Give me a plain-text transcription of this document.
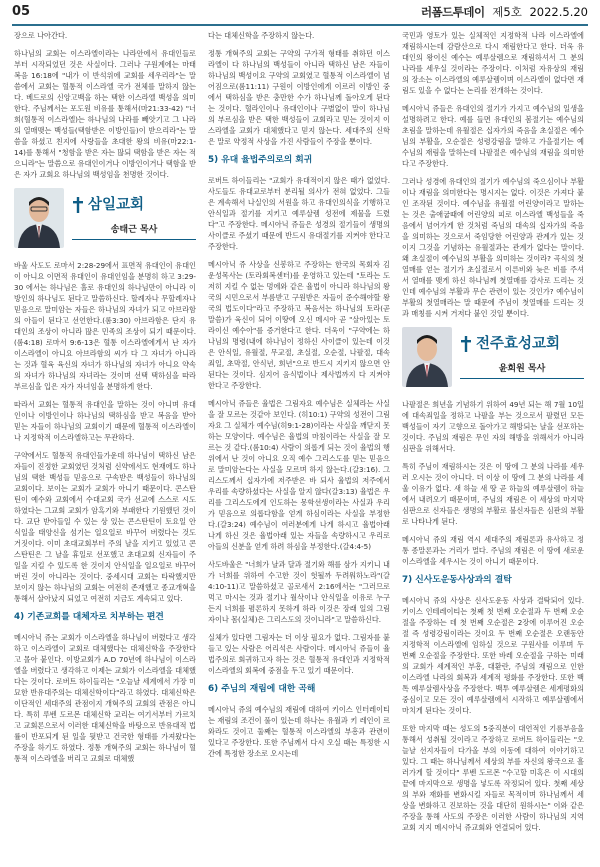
05	러폼드투데이 제5호 2022.5.20

장으로 나아간다.

하나님의 교회는 이스라엘이라는 나라안에서 유대인들로부터 시작되었던 것은 사실이다. 그러나 구원계에는 마태복음 16:18에 "내가 이 반석위에 교회를 세우리라"는 말씀에서 교회는 혈통적 이스라엘 국가 전체를 말하지 않는다. 베드로의 신앙고백을 하는 택한 이스라엘 백성을 의미한다. 주님께서는 포도원 비유를 통해서(마21:33-42) "너희(혈통적 이스라엘)는 하나님의 나라를 빼앗기고 그 나라의 열매맺는 백성들(택함받은 이방인들)이 받으리라"는 말씀을 하셨고 친지에 사랑들을 초대한 왕의 비유(마22:1-14)를 통해서 "청함을 받은 자는 많되 택함을 받은 자는 적으니라"는 말씀으로 유대인이거나 이방인이거나 택함을 받은 자가 교회요 하나님의 백성임을 천명한 것이다.

삼일교회
송태근 목사

바울 사도도 로마서 2:28-29에서 표면적 유대인이 유대인이 아니요 이면적 유대인이 유대인임을 분명히 하고 3:29-30 에서는 하나님은 홀로 유대인의 하나님만이 아니라 이방인의 하나님도 된다고 말씀하신다. 할례자나 무할례자나 믿음으로 말미암는 자들은 하나님의 자녀가 되고 아브라함의 아들이 된다고 선언한다.(롬3:30) 아브라함은 단지 유대인의 조상이 아니라 많은 민족의 조상이 되기 때문이다.(롬4:18) 로마서 9:6-13은 혈통 이스라엘에게서 난 자가 이스라엘이 아니요 아브라함의 씨가 다 그 자녀가 아니라는 것과 혈육 육신의 자녀가 하나님의 자녀가 아니요 약속의 자녀가 하나님의 자녀라는 것이며 선택 택하심을 따라 부르심을 입은 자가 자녀임을 분명하게 한다.

따라서 교회는 혈통적 유대인을 말하는 것이 아니며 유대인이나 이방인이나 하나님의 택하심을 받고 복음을 받아 믿는 자들이 하나님의 교회이기 때문에 혈통적 이스라엘이나 지정학적 이스라엘하고는 무관하다.

구약에서도 혈통적 유대인들가운데 하나님이 택하신 남은 자들이 진정한 교회였던 것처럼 신약에서도 현재에도 하나님의 택한 백성들 믿음으로 구속받은 백성들이 하나님의 교회이다. 보이는 교회가 교회가 아니기 때문이다. 콘스탄틴이 예수와 교회에서 수대교회 국가 선교에 스스로 시도하였다는 그교회 교회가 암흑기와 부패한다 기원했던 것이다. 교단 받아들일 수 있는 상 있는 콘스탄틴이 토요일 안식일을 태양신을 섬기는 일요일로 바꾸어 버렸다는 것도 거짓이다. 이미 초대교회부터 주의 날을 지키고 있었고 콘스탄틴은 그 날을 휴일로 선포했고 초대교회 신자들이 주일을 지킬 수 있도록 한 것이지 안식일을 일요일로 바꾸어 버린 것이 아니라는 것이다. 중세시대 교회는 타락했지만 보이지 않는 하나님의 교회는 여전히 존재했고 종교개혁을 통해서 살아났지 되었고 여전히 지금도 계속되고 있다.

4) 기존교회를 대체자로 치부하는 편견

메시아닉 쥬는 교회가 이스라엘을 하나님이 버렸다고 생각하고 이스라엘이 교회로 대체했다는 대체신학을 주장한다고 몰아 붙인다. 이방교회가 A.D 70년에 하나님이 이스라엘을 버렸다고 생각하고 이제는 교회가 이스라엘을 대체했다는 것이다. 로버트 하이들리는 "오늘날 세계에서 가장 미묘한 반유대주의는 대체신학이다"라고 하였다. 대체신학은 이단적인 세대주의 관점이지 개혁주의 교회의 관점은 아니다. 특히 루벤 도르몬 대체신학 교리는 여기서부터 가르치고 교회론으로서 이러한 대체신학을 바탕으로 반유대적 법률이 반포되게 된 일을 뒷받고 건국한 형태를 가져왔다는 주장을 하기도 하였다. 정통 개혁주의 교회는 하나님이 혈통적 이스라엘을 버리고 교회로 대체했

다는 대체신학을 주장하지 않는다.

정통 개혁주의 교회는 구약의 구가적 형태를 취하던 이스라엘이 다 하나님의 백성들이 아니라 택하신 남은 자들이 하나님의 백성이요 구약의 교회였고 혈통적 이스라엘이 넘어짐으로(롬11:11) 구원이 이방인에게 이르러 이방인 중에서 택하심을 받은 충만한 수가 하나님께 돌아오게 된다는 것이다. 혈라인이나 유대인이나 구별없이 말이 하나님의 부르심을 받은 택한 백성들이 교회라고 믿는 것이지 이스라엘을 교회가 대체했다고 믿지 않는다. 세대주의 신학은 말로 약정적 사상을 가진 사람들이 주장을 뿐이다.

5) 유대 율법주의로의 회귀

로버트 하이들리는 "교회가 유대적이지 않은 때가 없었다. 사도들도 유대교로부터 분리될 의사가 전혀 없었다. 그들은 계속해서 나실인의 서원을 하고 유대인의식을 기행하고 안식일과 절기를 지키고 예루살렘 성전에 제물을 드렸다"고 주장한다. 메시아닉 쥬들은 성경의 절기들이 생명의 사이클로 주셨기 때문에 반드시 유대절기를 지켜야 한다고 주장한다.

메시아닉 쥬 사상을 신봉하고 주장하는 한국의 목회자 김운성목사는 (토라회복센터)를 운영하고 있는데 "토라는 도저히 지킬 수 없는 멍에와 같은 율법이 아니라 하나님의 왕국의 시민으로서 부름받고 구원받은 자들이 준수해야할 왕국의 법도이다"라고 주장하고 복음서는 하나님의 토라(곧 말씀)가 육신이 되어 이땅에 오신 메시아 곧 "살아있는 토라이신 예수아"를 증거한다고 한다. 더욱이 "구약에는 하나님의 명령(내에 하나님이 정하신 사이클이 있는데 이것은 안식일, 유월절, 무교절, 초실절, 오순절, 나팔절, 대속죄일, 초막절, 안식년, 희년"으로 반드시 지키지 않으면 안된다는 것이다. 심지어 음식법이나 제사법까지 다 지켜야 한다고 주장한다.

메시아닉 쥬들은 율법은 그림자요 예수님은 실체라는 사실을 잘 모르는 것같아 보인다. (히10:1) 구약의 성전이 그림자요 그 실체가 예수님(히9:1-28)이라는 사실을 깨닫지 못하는 모양이다. 예수님은 율법의 마침이라는 사실을 잘 모르는 것 같다.(롬10:4) 사람이 의롭게 되는 것이 율법의 행위에서 난 것이 아니요 오직 예수 그리스도를 믿는 믿음으로 말미암는다는 사실을 모르며 하지 않는다.(갈3:16). 그리스도께서 십자가에 저주받은 바 되사 율법의 저주에서 우리를 속량하셨다는 사실을 알지 않다(갈3:13) 율법은 우리를 그리스도에게 인도하는 몽학선생이라는 사실과 우리가 믿음으로 의롭다함을 얻게 하심이라는 사실을 부정한다.(갈3:24) 예수님이 여러분에게 나게 하시고 율법아래 나게 하신 것은 율법아래 있는 자들을 속량하시고 우리로 아들의 신분을 얻게 하려 하심을 부정한다.(갈4:4-5)

사도바울은 "너희가 날과 달과 절기와 해를 삼가 지키니 내가 너희를 위하여 수고한 것이 헛될까 두려워하노라"(갈4:10-11)고 말씀하셨고 골로새서 2:16에서는 "그러므로 먹고 마시는 것과 절기나 월삭이나 안식일을 이유로 누구든지 너희를 폄론하지 못하게 하라 이것은 장래 일의 그림자이나 몸(실체)은 그리스도의 것이니라"고 말씀하신다.

실체가 있다면 그림자는 더 이상 필요가 없다. 그림자를 붙들고 있는 사람은 어리석은 사람이다. 메시아닉 쥬들이 율법주의로 회귀하고자 하는 것은 혈통적 유대인과 지정학적 이스라엘의 회복에 중점을 두고 있기 때문이다.

6) 주님의 재림에 대한 곡해

메시아닉 쥬의 예수님의 재림에 대하여 키이스 인터레이티는 재림의 조건이 풀이 있는데 하나는 유월과 키 레인이 르와라도 것이고 둘째는 혈통적 이스라엘의 부흥과 관련이 있다고 주장한다. 또한 주님께서 다시 오실 때는 특정한 시간에 특정한 장소로 오시는데

국민과 영토가 있는 실체적인 지정학적 나라 이스라엘에 재림하시는데 감람산으로 다시 재림한다고 한다. 더욱 유대인의 왕이신 예수는 예루살렘으로 재림하셔서 그 분의 나라를 세우실 것이라는 주장이다. 이처럼 자유상의 재림의 장소는 이스라엘의 예루살렘이며 이스라엘이 없다면 재림도 있을 수 없다는 논리를 전개하는 것이다.

메시아닉 쥬들은 유대인의 절기가 가지고 예수님의 일생을 설명하려고 한다. 예를 들면 유대인의 봄절기는 예수님의 초림을 말하는데 유월절은 십자가의 죽음을 초실절은 예수님의 부활을, 오순절은 성령강림을 말하고 가을절기는 예수님의 재림을 말하는데 나팔절은 예수님의 재림을 의미한다고 주장한다.

그러나 성경에 유대인의 절기가 예수님의 죽으심이나 부활이나 재림을 의미한다는 명시지는 없다. 이것은 가져다 붙인 조작된 것이다. 예수님을 유월절 어린양이라고 말하는는 것은 출애굽때에 어린양의 피로 이스라엘 백성들을 죽음에서 넘어가게 한 것처럼 죽님의 대속의 십자가의 죽음을 의미하는 것으로서 죽임당한 어린양과 관계가 있는 것이지 그것을 기념하는 유월절과는 관계가 없다는 말이다. 왜 초실절이 예수님의 부활을 의미하는 것이라? 곡식의 첫 열매를 얻는 절기가 초실절로서 이른비와 늦은 비를 주셔서 열매를 맺게 하신 하나님께 첫열매를 감사로 드리는 것인데 예수님의 부활과 무슨 관련이 있는 것인가? 예수님이 부활의 첫열매라는 말 때문에 주님이 첫열매를 드리는 것과 매칭를 시켜 거저다 붙인 것일 뿐이다.

전주효성교회
윤희원 목사

나팔절은 희년을 기념하기 위하여 49년 되는 해 7월 10일에 대속죄일을 정하고 나팔을 부는 것으로서 팔렸던 모든 백성들이 자기 고향으로 돌아가고 해방되는 날을 선포하는 것이다. 주님의 재림은 무인 자의 해방을 위해서가 아니라 심판을 위해서다.

특히 주님이 재림하시는 것은 이 땅에 그 분의 나라를 세우러 오시는 것이 아니다. 더 이상 이 땅에 그 분의 나라를 세울 이유가 없다. 새 하늘 새 땅 곧 하늘의 예루살렘이 하늘에서 내려오기 때문이며, 주님의 재림은 이 세상의 마지막 심판으로 신자들은 생명의 부활로 불신자들은 심판의 부활로 나타나게 된다.

메시아닉 쥬의 재림 역시 세대주의 재림론과 유사하고 정통 종말론과는 거리가 멀다. 주님의 재림은 이 땅에 새로운 이스라엘을 세우시는 것이 아니기 때문이다.

7) 신사도운동사상과의 결탁

메시아닉 쥬의 사상은 신사도운동 사상과 결탁되어 있다. 키이스 인테레이티는 첫째 첫 번째 오순절과 두 번째 오순절을 주장하는 데 첫 번째 오순절은 2장에 이루어진 오순절 즉 성령강림이라는 것이요 두 번째 오순절은 오랜동안 지정학적 이스라엘에 임하실 것으로 구원사를 이루며 두 번째 오순절을 주장한다. 또한 바레 오순절을 구하는 미래의 교회가 세계적인 부흥, 대환란, 주님의 재림으로 인한 이스라엘 나라의 회복과 세계적 평화를 주장한다. 또한 백톡 예루살렘사상을 주장한다. 백투 예루살렘은 세계평화의 중심이고 모든 것이 예루살렘에서 시작하고 예루살렘에서 마치게 된다는 것이다.

또한 마지막 때는 성도의 5중직분이 대언적인 기름부음을 통해서 성취될 것이라고 주장하고 로버트 하이들리는 "오늘날 선지자들이 다가올 부의 이동에 대하여 이야기하고 있다. 그 때는 하나님께서 세상의 부를 자신의 왕국으로 흘러가게 할 것이다" 루벤 도르몬 "수고할 미혹은 이 시대의 끝에 마지막으로 생명을 넣도록 작정되어 있다. 첫째 세상의 부와 재화를 변화시킬 자들로 목적이며 하나님께서 세상을 변화하고 진보하는 것을 대단히 원하시는" 이와 같은 주장을 통해 사도의 주장은 이러한 사람이 하나님의 지역교회 지지 메시아닉 쥬교회와 연결되어 있다.
